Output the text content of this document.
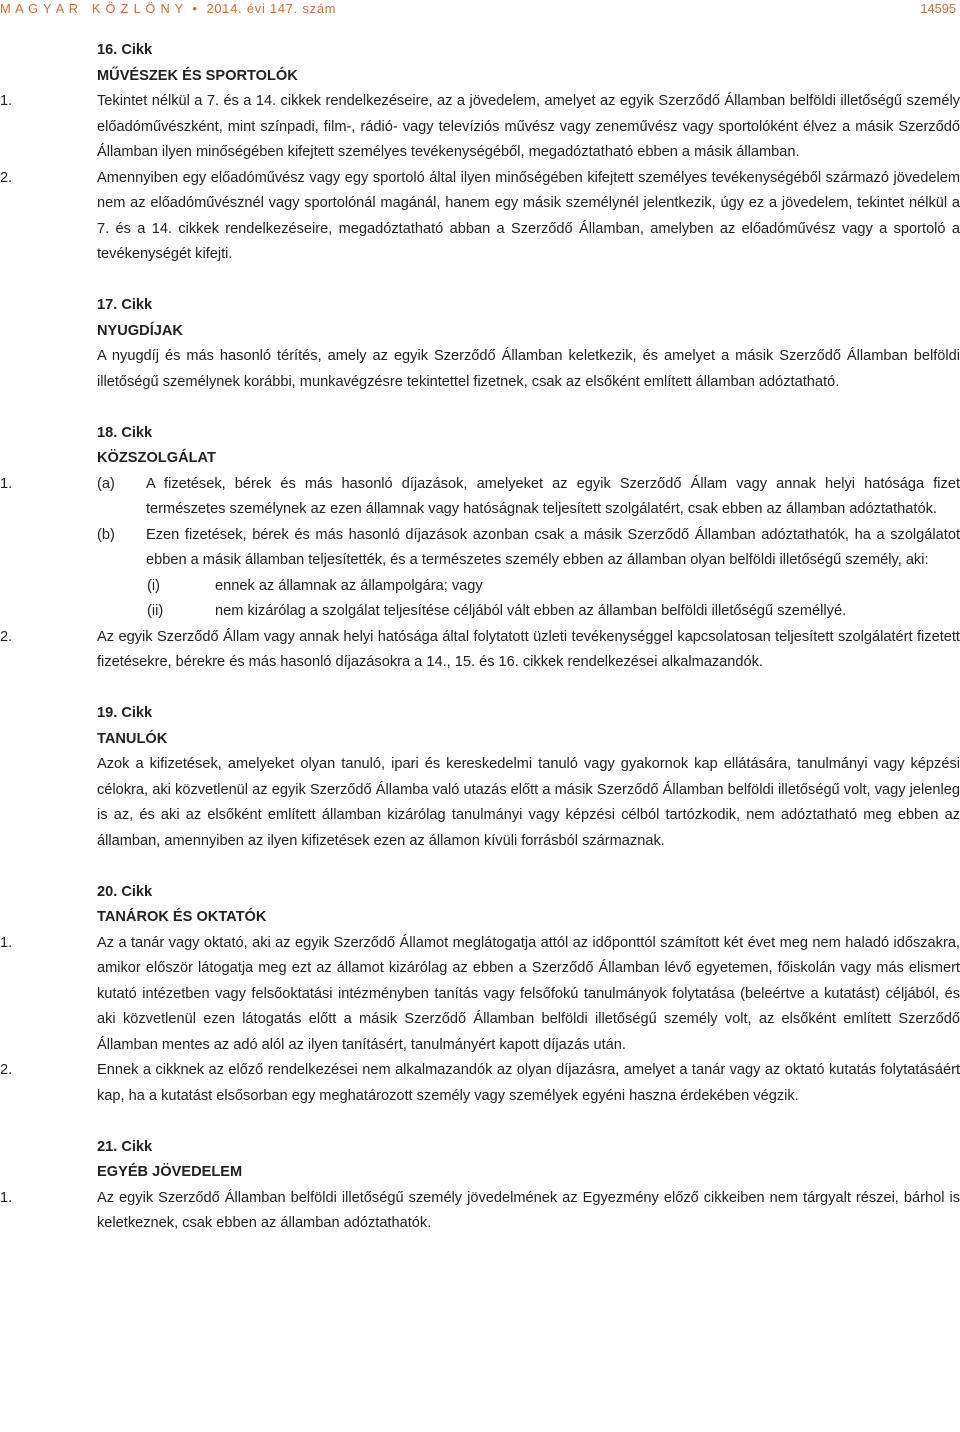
M A G Y A R   K Ö Z L Ö N Y  •  2014. évi 147. szám	14595
16. Cikk
MŰVÉSZEK ÉS SPORTOLÓK
1.	Tekintet nélkül a 7. és a 14. cikkek rendelkezéseire, az a jövedelem, amelyet az egyik Szerződő Államban belföldi illetőségű személy előadóművészként, mint színpadi, film-, rádió- vagy televíziós művész vagy zeneművész vagy sportolóként élvez a másik Szerződő Államban ilyen minőségében kifejtett személyes tevékenységéből, megadóztatható ebben a másik államban.
2.	Amennyiben egy előadóművész vagy egy sportoló által ilyen minőségében kifejtett személyes tevékenységéből származó jövedelem nem az előadóművésznél vagy sportolónál magánál, hanem egy másik személynél jelentkezik, úgy ez a jövedelem, tekintet nélkül a 7. és a 14. cikkek rendelkezéseire, megadóztatható abban a Szerződő Államban, amelyben az előadóművész vagy a sportoló a tevékenységét kifejti.
17. Cikk
NYUGDÍJAK
A nyugdíj és más hasonló térítés, amely az egyik Szerződő Államban keletkezik, és amelyet a másik Szerződő Államban belföldi illetőségű személynek korábbi, munkavégzésre tekintettel fizetnek, csak az elsőként említett államban adóztatható.
18. Cikk
KÖZSZOLGÁLAT
1.	(a) A fizetések, bérek és más hasonló díjazások, amelyeket az egyik Szerződő Állam vagy annak helyi hatósága fizet természetes személynek az ezen államnak vagy hatóságnak teljesített szolgálatért, csak ebben az államban adóztathatók.
(b) Ezen fizetések, bérek és más hasonló díjazások azonban csak a másik Szerződő Államban adóztathatók, ha a szolgálatot ebben a másik államban teljesítették, és a természetes személy ebben az államban olyan belföldi illetőségű személy, aki:
(i)	ennek az államnak az állampolgára; vagy
(ii)	nem kizárólag a szolgálat teljesítése céljából vált ebben az államban belföldi illetőségű személlyé.
2.	Az egyik Szerződő Állam vagy annak helyi hatósága által folytatott üzleti tevékenységgel kapcsolatosan teljesített szolgálatért fizetett fizetésekre, bérekre és más hasonló díjazásokra a 14., 15. és 16. cikkek rendelkezései alkalmazandók.
19. Cikk
TANULÓK
Azok a kifizetések, amelyeket olyan tanuló, ipari és kereskedelmi tanuló vagy gyakornok kap ellátására, tanulmányi vagy képzési célokra, aki közvetlenül az egyik Szerződő Államba való utazás előtt a másik Szerződő Államban belföldi illetőségű volt, vagy jelenleg is az, és aki az elsőként említett államban kizárólag tanulmányi vagy képzési célból tartózkodik, nem adóztatható meg ebben az államban, amennyiben az ilyen kifizetések ezen az államon kívüli forrásból származnak.
20. Cikk
TANÁROK ÉS OKTATÓK
1.	Az a tanár vagy oktató, aki az egyik Szerződő Államot meglátogatja attól az időponttól számított két évet meg nem haladó időszakra, amikor először látogatja meg ezt az államot kizárólag az ebben a Szerződő Államban lévő egyetemen, főiskolán vagy más elismert kutató intézetben vagy felsőoktatási intézményben tanítás vagy felsőfokú tanulmányok folytatása (beleértve a kutatást) céljából, és aki közvetlenül ezen látogatás előtt a másik Szerződő Államban belföldi illetőségű személy volt, az elsőként említett Szerződő Államban mentes az adó alól az ilyen tanításért, tanulmányért kapott díjazás után.
2.	Ennek a cikknek az előző rendelkezései nem alkalmazandók az olyan díjazásra, amelyet a tanár vagy az oktató kutatás folytatásáért kap, ha a kutatást elsősorban egy meghatározott személy vagy személyek egyéni haszna érdekében végzik.
21. Cikk
EGYÉB JÖVEDELEM
1.	Az egyik Szerződő Államban belföldi illetőségű személy jövedelmének az Egyezmény előző cikkeiben nem tárgyalt részei, bárhol is keletkeznek, csak ebben az államban adóztathatók.
